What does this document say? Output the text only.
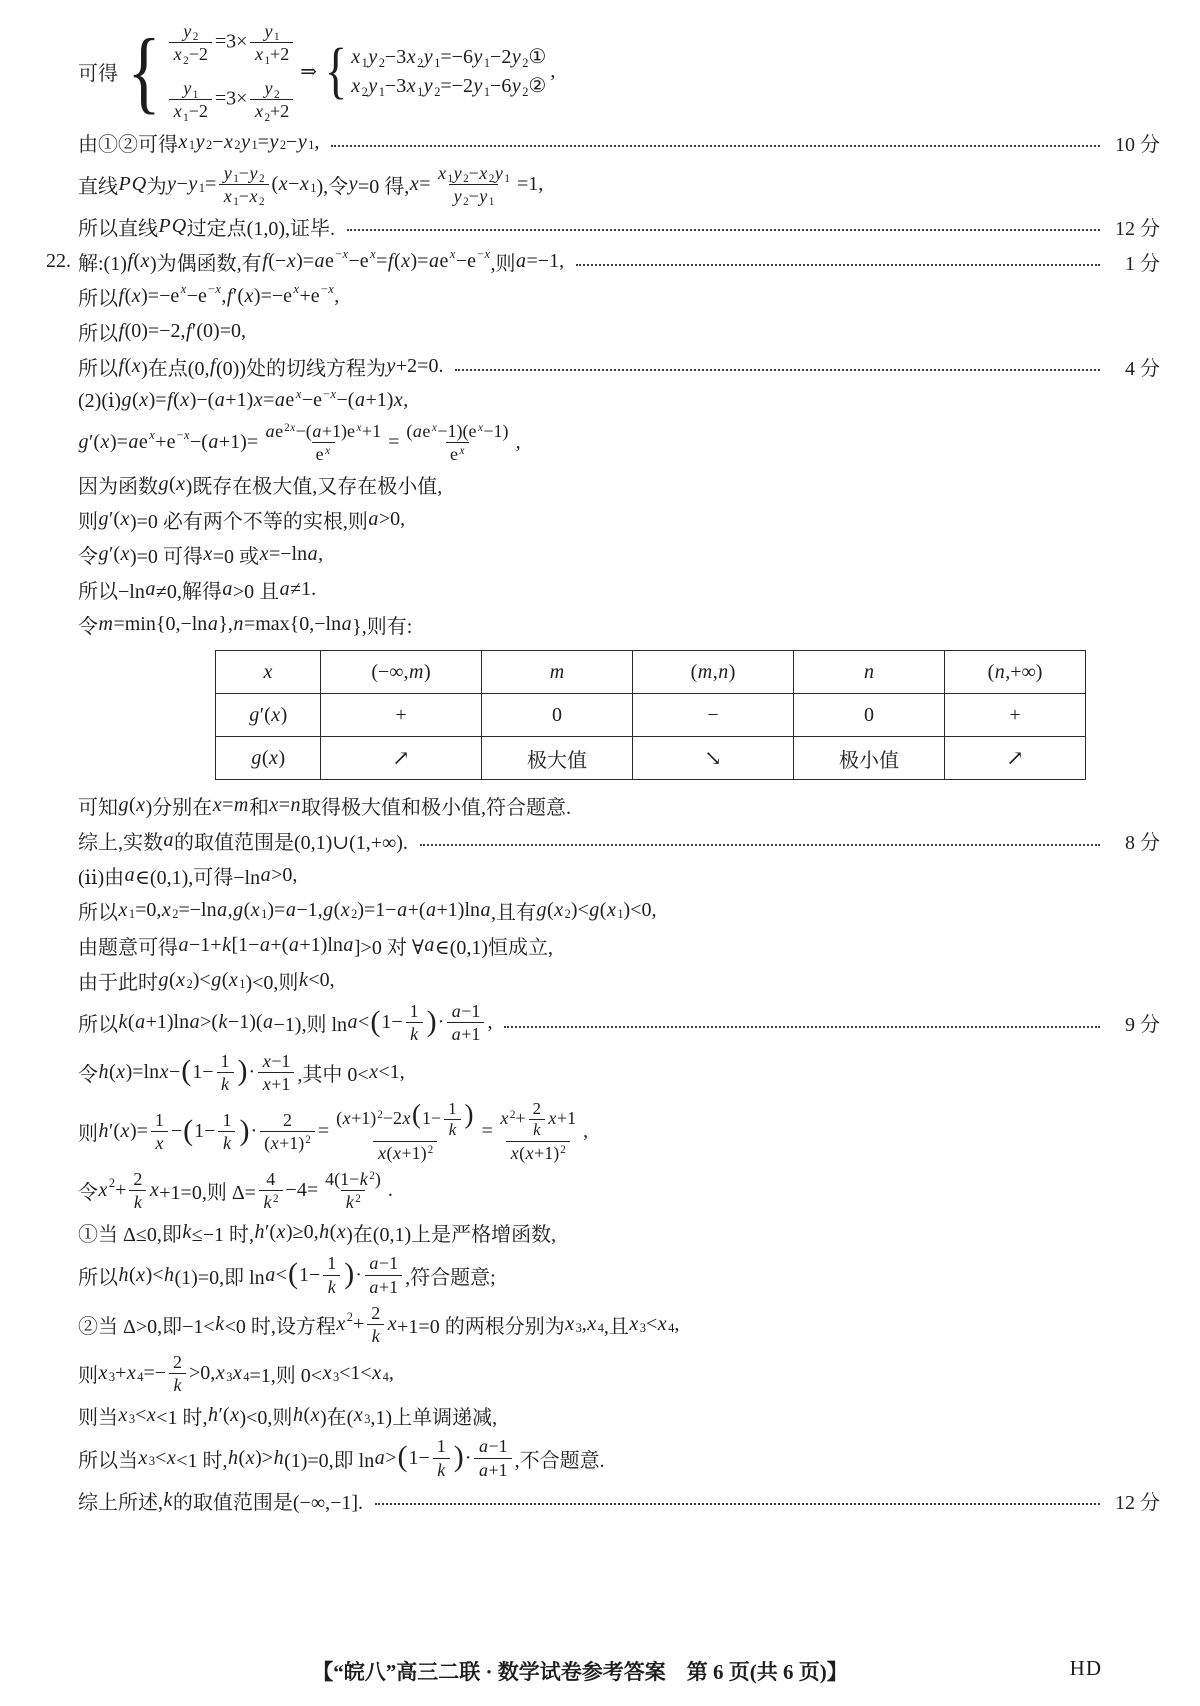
可得 { $\frac{y 2}{x 2-2} =3\times \frac{y 1}{x 1+2}$
$\frac{y 1}{x 1-2} =3\times \frac{y 2}{x 2+2}$
⇒ { x 1y 2−3x 2y 1=−6y 1−2y 2①
x 2y 1−3x 1y 2=−2y 1−6y 2②
,
由①②可得 x 1 y 2 − x 2 y 1 = y 2 − y 1 ,	10 分
直线 P Q 为 y − y $1 = \frac{y 1-y 2}{x 1-x 2}$ ( x − x 1 ),令 y =0 得, $x = \frac{x 1y 2-x 2y 1}{y 2-y 1} =1$,
所以直线 P Q 过定点(1,0),证毕.	12 分
22. 解:(1) f ( x )为偶函数,有 f (− x )= a e −x −e x = f ( x )= a e x −e −x ,则 a =−1,	1 分
所以 f ( x )=−e x −e −x , f ′( x )=−e x +e −x ,
所以 f (0)=−2, f ′(0)=0,
所以 f ( x )在点(0, f (0))处的切线方程为 y +2=0.	4 分
(2)(ⅰ) g ( x )= f ( x )−( a +1) x = a e x −e −x −( a +1) x ,
g ′( x )= a e x +e −x −( $a +1)= \frac{ae^{2x}-(a+1)e ^x+1}{e ^x} = \frac{(ae ^x-1)(e ^x-1)}{e ^x}$ ,
因为函数 g ( x )既存在极大值,又存在极小值,
则 g ′( x )=0 必有两个不等的实根,则 a >0,
令 g ′( x )=0 可得 x =0 或 x =−ln a ,
所以−ln a ≠0,解得 a >0 且 a ≠1.
令 m =min{0,−ln a }, n =max{0,−ln a },则有:
x	(−∞,m)	m	(m,n)	n	(n,+∞)
g′(x)	+	0	−	0	+
g(x)	↗	极大值	↘	极小值	↗
可知 g ( x )分别在 x = m 和 x = n 取得极大值和极小值,符合题意.
综上,实数 a 的取值范围是(0,1)∪(1,+∞).	8 分
(ⅱ)由 a ∈(0,1),可得−ln a >0,
所以 x 1 =0, x 2 =−ln a , g ( x 1 )= a −1, g ( x 2 )=1− a +( a +1)ln a ,且有 g ( x 2 )< g ( x 1 )<0,
由题意可得 a −1+ k [1− a +( a +1)ln a ]>0 对 ∀ a ∈(0,1)恒成立,
由于此时 g ( x 2 )< g ( x 1 )<0,则 k <0,
所以 k ( a +1)ln a >( k −1)( a −1),则 ln a < ( $1- \frac{1}{k}$ ) · $\frac{a-1}{a+1}$ ,	9 分
令 h ( x )=ln x − ( $1- \frac{1}{k}$ ) · $\frac{x-1}{x+1}$ ,其中 0< x <1,
则 h ′( x )= $\frac{1}{x}$ − ( $1- \frac{1}{k}$ ) · $\frac{2}{(x+1)^2} = \frac{(x+1)^2-2x(1- \frac{1}{k} )}{x(x+1)^2} = \frac{x ^2+ \frac{2}{k} x+1}{x(x+1)^2}$ ,
令 x $2 + \frac{2}{k}$ x +1=0,则 $\Delta= \frac{4}{k ^2} -4= \frac{4(1-k ^2)}{k ^2}$ .
①当 Δ≤0,即 k ≤−1 时, h ′( x )≥0, h ( x )在(0,1)上是严格增函数,
所以 h ( x )< h (1)=0,即 ln a < ( $1- \frac{1}{k}$ ) · $\frac{a-1}{a+1}$ ,符合题意;
②当 Δ>0,即−1< k <0 时,设方程 x $2 + \frac{2}{k}$ x +1=0 的两根分别为 x 3 , x 4 ,且 x 3 < x 4 ,
则 x 3 + x $4 =- \frac{2}{k} >0$, x 3 x 4 =1,则 0< x 3 <1< x 4 ,
则当 x 3 < x <1 时, h ′( x )<0,则 h ( x )在( x 3 ,1)上单调递减,
所以当 x 3 < x <1 时, h ( x )> h (1)=0,即 ln a > ( $1- \frac{1}{k}$ ) · $\frac{a-1}{a+1}$ ,不合题意.
综上所述, k 的取值范围是(−∞,−1].	12 分
【“皖八”高三二联 · 数学试卷参考答案　第 6 页(共 6 页)】	HD
